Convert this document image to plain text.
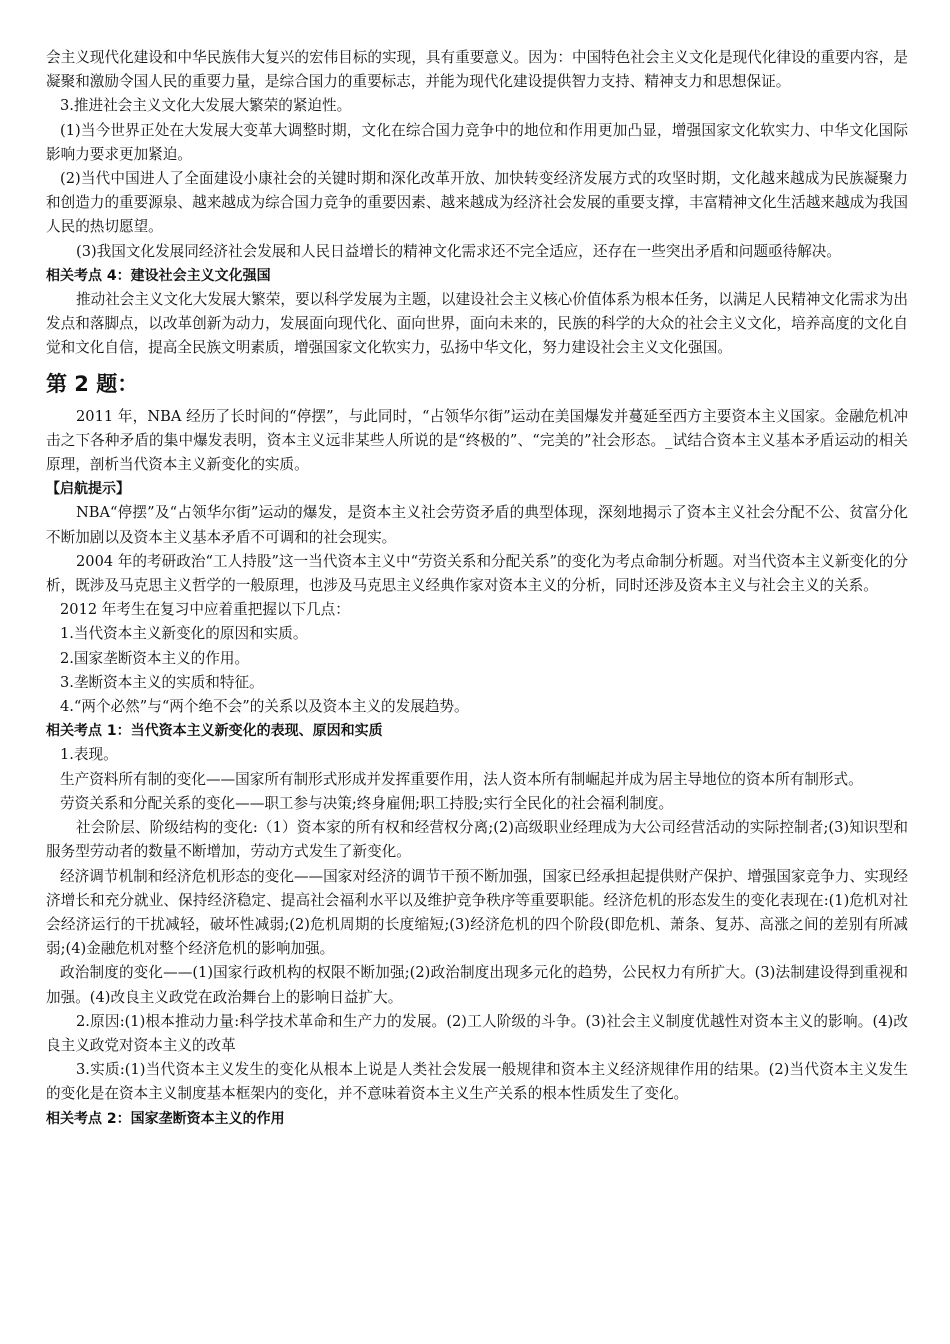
会主义现代化建设和中华民族伟大复兴的宏伟目标的实现，具有重要意义。因为：中国特色社会主义文化是现代化律设的重要内容，是凝聚和激励令国人民的重要力量，是综合国力的重要标志，并能为现代化建设提供智力支持、精神支力和思想保证。

3.推进社会主义文化大发展大繁荣的紧迫性。

(1)当今世界正处在大发展大变革大调整时期，文化在综合国力竞争中的地位和作用更加凸显，增强国家文化软实力、中华文化国际影响力要求更加紧迫。

(2)当代中国进人了全面建设小康社会的关键时期和深化改革开放、加快转变经济发展方式的攻坚时期，文化越来越成为民族凝聚力和创造力的重要源泉、越来越成为综合国力竞争的重要因素、越来越成为经济社会发展的重要支撑，丰富精神文化生活越来越成为我国人民的热切愿望。

(3)我国文化发展同经济社会发展和人民日益增长的精神文化需求还不完全适应，还存在一些突出矛盾和问题亟待解决。

相关考点 4：建设社会主义文化强国

推动社会主义文化大发展大繁荣，要以科学发展为主题，以建设社会主义核心价值体系为根本任务，以满足人民精神文化需求为出发点和落脚点，以改革创新为动力，发展面向现代化、面向世界，面向未来的，民族的科学的大众的社会主义文化，培养高度的文化自觉和文化自信，提高全民族文明素质，增强国家文化软实力，弘扬中华文化，努力建设社会主义文化强国。

第 2 题：

2011 年，NBA 经历了长时间的“停摆”，与此同时，“占领华尔街”运动在美国爆发并蔓延至西方主要资本主义国家。金融危机冲击之下各种矛盾的集中爆发表明，资本主义远非某些人所说的是“终极的”、“完美的”社会形态。_试结合资本主义基本矛盾运动的相关原理，剖析当代资本主义新变化的实质。

【启航提示】

NBA“停摆”及“占领华尔街”运动的爆发，是资本主义社会劳资矛盾的典型体现，深刻地揭示了资本主义社会分配不公、贫富分化不断加剧以及资本主义基本矛盾不可调和的社会现实。

2004 年的考研政治“工人持股”这一当代资本主义中“劳资关系和分配关系”的变化为考点命制分析题。对当代资本主义新变化的分析，既涉及马克思主义哲学的一般原理，也涉及马克思主义经典作家对资本主义的分析，同时还涉及资本主义与社会主义的关系。

2012 年考生在复习中应着重把握以下几点：

1.当代资本主义新变化的原因和实质。

2.国家垄断资本主义的作用。

3.垄断资本主义的实质和特征。

4.“两个必然”与“两个绝不会”的关系以及资本主义的发展趋势。

相关考点 1：当代资本主义新变化的表现、原因和实质

1.表现。

生产资料所有制的变化——国家所有制形式形成并发挥重要作用，法人资本所有制崛起并成为居主导地位的资本所有制形式。

劳资关系和分配关系的变化——职工参与决策;终身雇佣;职工持股;实行全民化的社会福利制度。

社会阶层、阶级结构的变化:（1）资本家的所有权和经营权分离;(2)高级职业经理成为大公司经营活动的实际控制者;(3)知识型和服务型劳动者的数量不断增加，劳动方式发生了新变化。

经济调节机制和经济危机形态的变化——国家对经济的调节干预不断加强，国家已经承担起提供财产保护、增强国家竞争力、实现经济增长和充分就业、保持经济稳定、提高社会福利水平以及维护竞争秩序等重要职能。经济危机的形态发生的变化表现在:(1)危机对社会经济运行的干扰减轻，破坏性减弱;(2)危机周期的长度缩短;(3)经济危机的四个阶段(即危机、萧条、复苏、高涨之间的差别有所减弱;(4)金融危机对整个经济危机的影响加强。

政治制度的变化——(1)国家行政机构的权限不断加强;(2)政治制度出现多元化的趋势，公民权力有所扩大。(3)法制建设得到重视和加强。(4)改良主义政党在政治舞台上的影响日益扩大。

2.原因:(1)根本推动力量:科学技术革命和生产力的发展。(2)工人阶级的斗争。(3)社会主义制度优越性对资本主义的影响。(4)改良主义政党对资本主义的改革

3.实质:(1)当代资本主义发生的变化从根本上说是人类社会发展一般规律和资本主义经济规律作用的结果。(2)当代资本主义发生的变化是在资本主义制度基本框架内的变化，并不意味着资本主义生产关系的根本性质发生了变化。

相关考点 2：国家垄断资本主义的作用
